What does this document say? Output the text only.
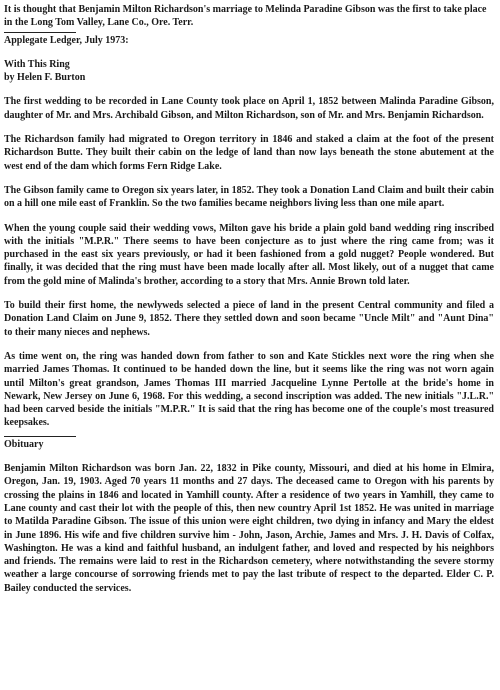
It is thought that Benjamin Milton Richardson's marriage to Melinda Paradine Gibson was the first to take place in the Long Tom Valley, Lane Co., Ore. Terr.

Applegate Ledger, July 1973:

With This Ring

by Helen F. Burton

The first wedding to be recorded in Lane County took place on April 1, 1852 between Malinda Paradine Gibson, daughter of Mr. and Mrs. Archibald Gibson, and Milton Richardson, son of Mr. and Mrs. Benjamin Richardson.

The Richardson family had migrated to Oregon territory in 1846 and staked a claim at the foot of the present Richardson Butte. They built their cabin on the ledge of land than now lays beneath the stone abutement at the west end of the dam which forms Fern Ridge Lake.

The Gibson family came to Oregon six years later, in 1852. They took a Donation Land Claim and built their cabin on a hill one mile east of Franklin. So the two families became neighbors living less than one mile apart.

When the young couple said their wedding vows, Milton gave his bride a plain gold band wedding ring inscribed with the initials "M.P.R." There seems to have been conjecture as to just where the ring came from; was it purchased in the east six years previously, or had it been fashioned from a gold nugget? People wondered. But finally, it was decided that the ring must have been made locally after all. Most likely, out of a nugget that came from the gold mine of Malinda's brother, according to a story that Mrs. Annie Brown told later.

To build their first home, the newlyweds selected a piece of land in the present Central community and filed a Donation Land Claim on June 9, 1852. There they settled down and soon became "Uncle Milt" and "Aunt Dina" to their many nieces and nephews.

As time went on, the ring was handed down from father to son and Kate Stickles next wore the ring when she married James Thomas. It continued to be handed down the line, but it seems like the ring was not worn again until Milton's great grandson, James Thomas III married Jacqueline Lynne Pertolle at the bride's home in Newark, New Jersey on June 6, 1968. For this wedding, a second inscription was added. The new initials "J.L.R." had been carved beside the initials "M.P.R." It is said that the ring has become one of the couple's most treasured keepsakes.

Obituary

Benjamin Milton Richardson was born Jan. 22, 1832 in Pike county, Missouri, and died at his home in Elmira, Oregon, Jan. 19, 1903. Aged 70 years 11 months and 27 days. The deceased came to Oregon with his parents by crossing the plains in 1846 and located in Yamhill county. After a residence of two years in Yamhill, they came to Lane county and cast their lot with the people of this, then new country April 1st 1852. He was united in marriage to Matilda Paradine Gibson. The issue of this union were eight children, two dying in infancy and Mary the eldest in June 1896. His wife and five children survive him - John, Jason, Archie, James and Mrs. J. H. Davis of Colfax, Washington. He was a kind and faithful husband, an indulgent father, and loved and respected by his neighbors and friends. The remains were laid to rest in the Richardson cemetery, where notwithstanding the severe stormy weather a large concourse of sorrowing friends met to pay the last tribute of respect to the departed. Elder C. P. Bailey conducted the services.
